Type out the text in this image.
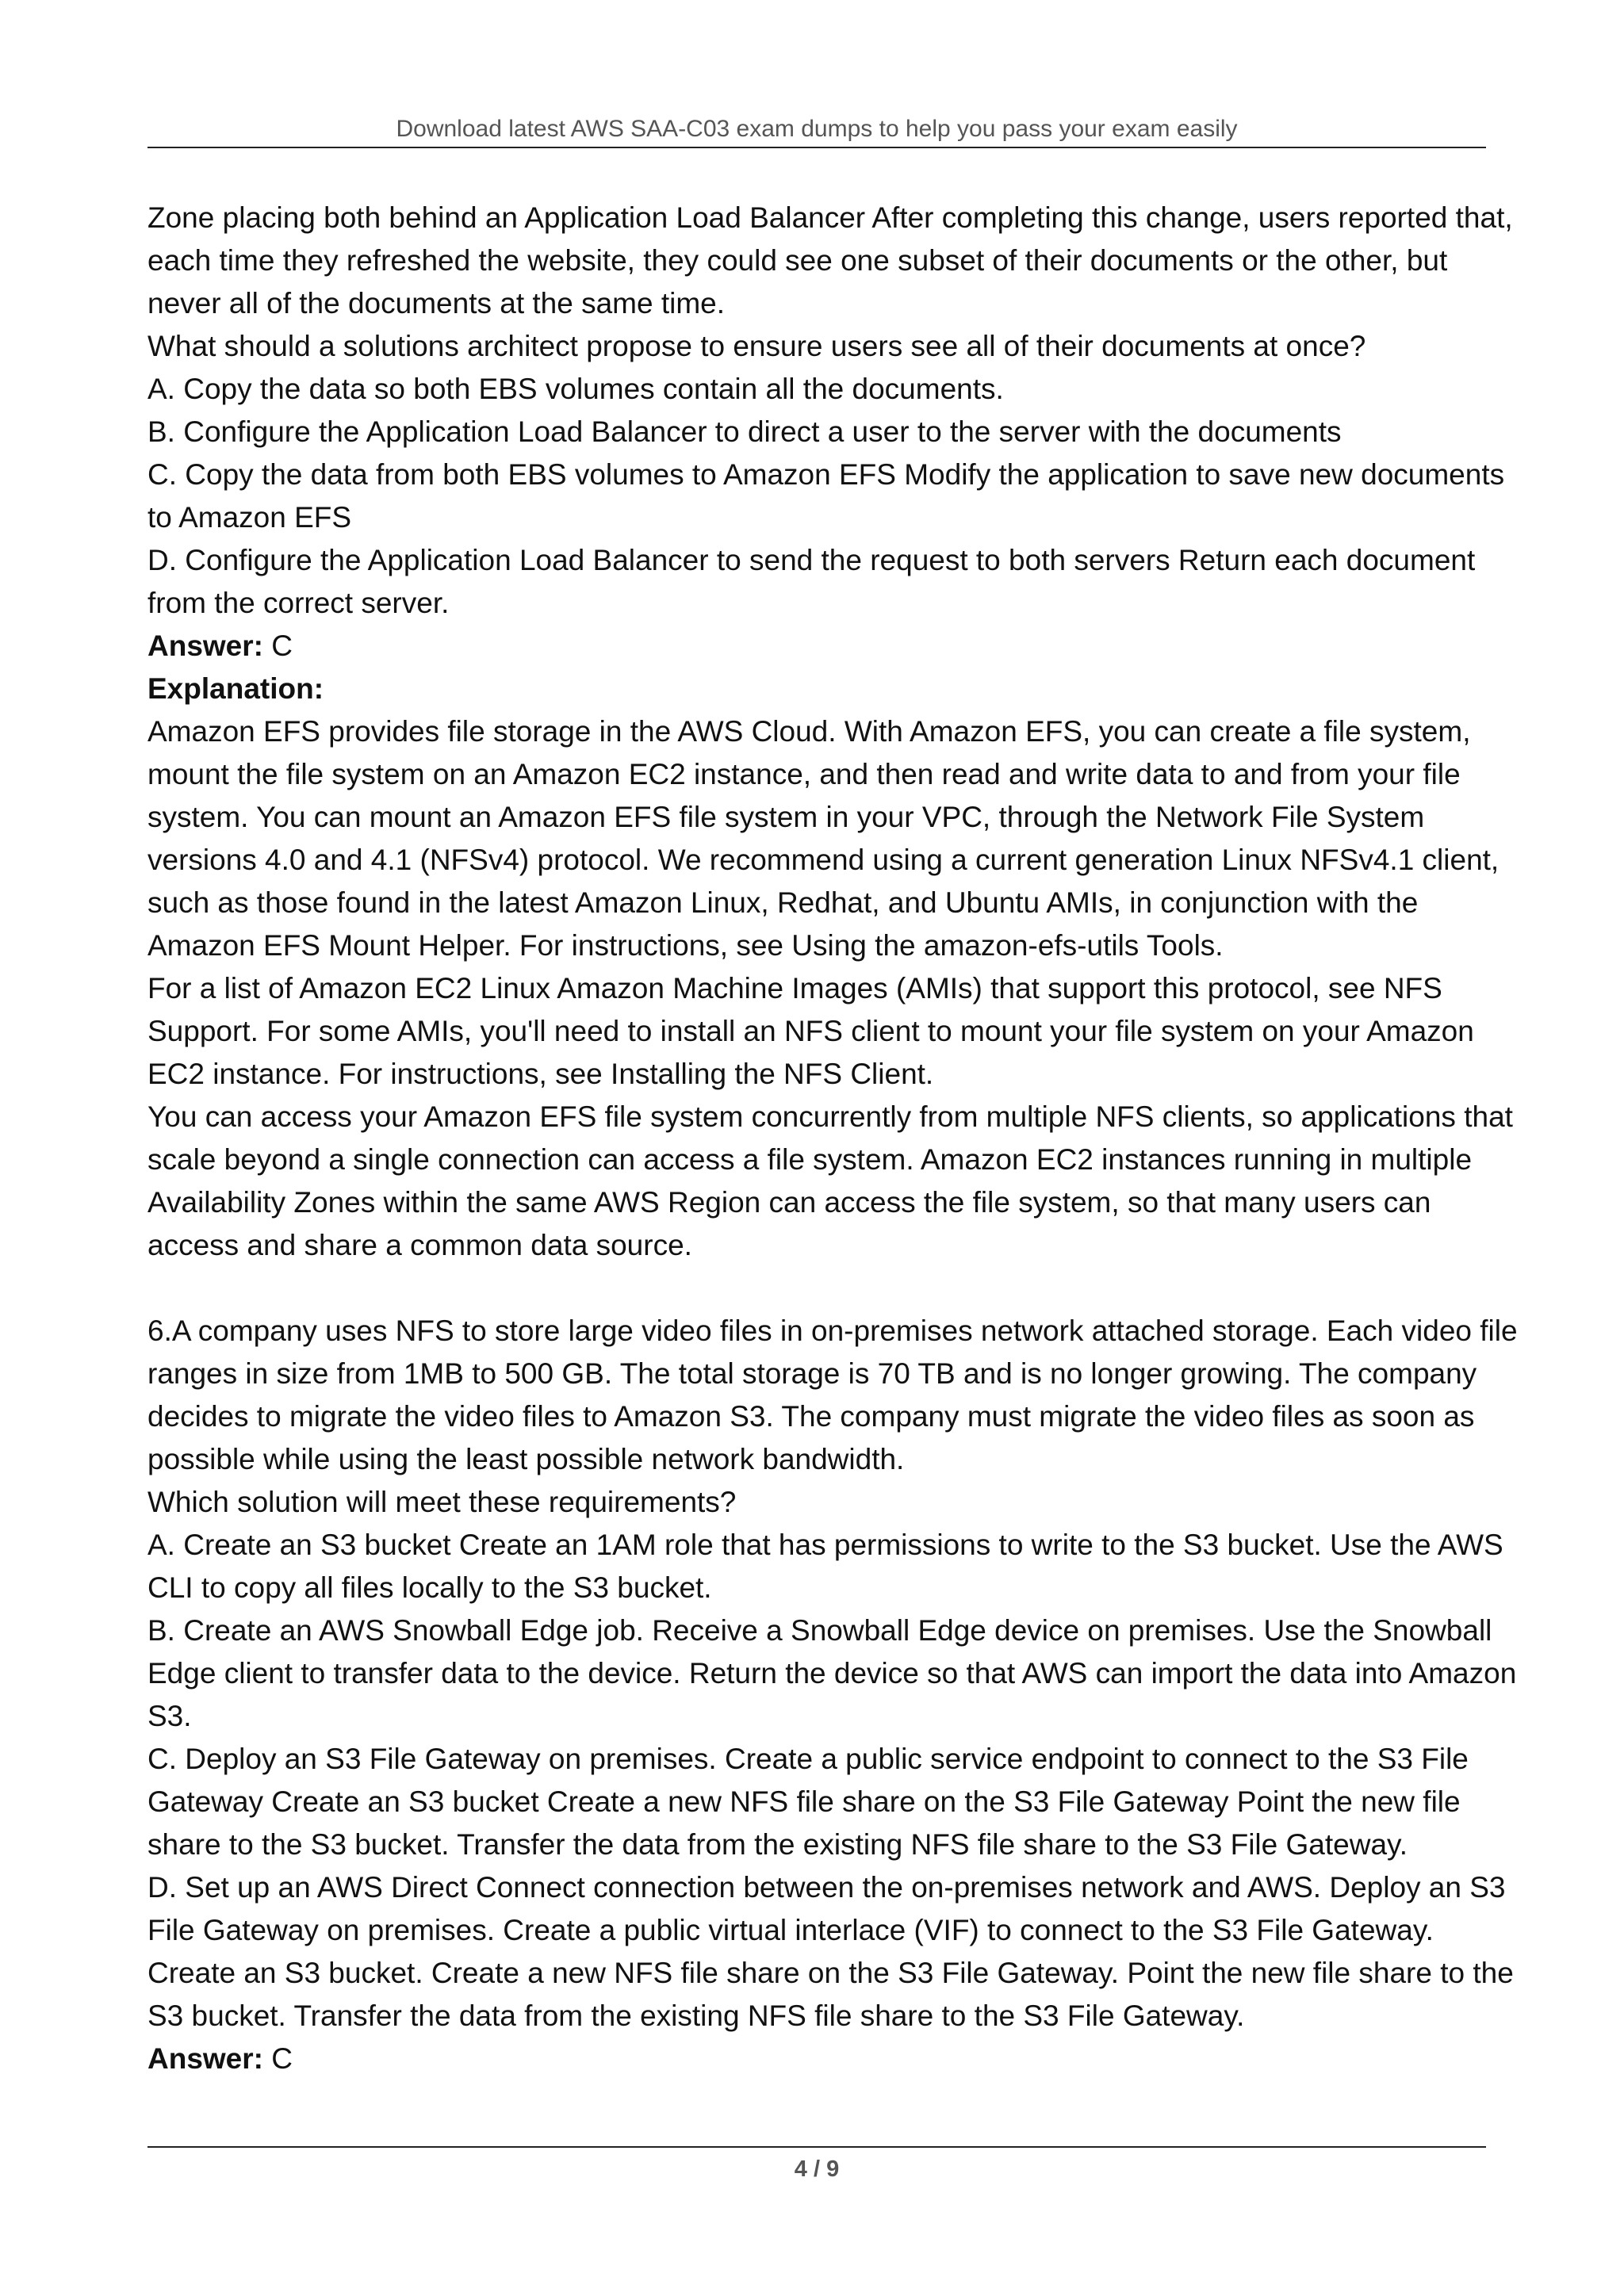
Download latest AWS SAA-C03 exam dumps to help you pass your exam easily
Zone placing both behind an Application Load Balancer After completing this change, users reported that,
each time they refreshed the website, they could see one subset of their documents or the other, but
never all of the documents at the same time.
What should a solutions architect propose to ensure users see all of their documents at once?
A. Copy the data so both EBS volumes contain all the documents.
B. Configure the Application Load Balancer to direct a user to the server with the documents
C. Copy the data from both EBS volumes to Amazon EFS Modify the application to save new documents
to Amazon EFS
D. Configure the Application Load Balancer to send the request to both servers Return each document
from the correct server.
Answer: C
Explanation:
Amazon EFS provides file storage in the AWS Cloud. With Amazon EFS, you can create a file system,
mount the file system on an Amazon EC2 instance, and then read and write data to and from your file
system. You can mount an Amazon EFS file system in your VPC, through the Network File System
versions 4.0 and 4.1 (NFSv4) protocol. We recommend using a current generation Linux NFSv4.1 client,
such as those found in the latest Amazon Linux, Redhat, and Ubuntu AMIs, in conjunction with the
Amazon EFS Mount Helper. For instructions, see Using the amazon-efs-utils Tools.
For a list of Amazon EC2 Linux Amazon Machine Images (AMIs) that support this protocol, see NFS
Support. For some AMIs, you'll need to install an NFS client to mount your file system on your Amazon
EC2 instance. For instructions, see Installing the NFS Client.
You can access your Amazon EFS file system concurrently from multiple NFS clients, so applications that
scale beyond a single connection can access a file system. Amazon EC2 instances running in multiple
Availability Zones within the same AWS Region can access the file system, so that many users can
access and share a common data source.
6.A company uses NFS to store large video files in on-premises network attached storage. Each video file
ranges in size from 1MB to 500 GB. The total storage is 70 TB and is no longer growing. The company
decides to migrate the video files to Amazon S3. The company must migrate the video files as soon as
possible while using the least possible network bandwidth.
Which solution will meet these requirements?
A. Create an S3 bucket Create an 1AM role that has permissions to write to the S3 bucket. Use the AWS
CLI to copy all files locally to the S3 bucket.
B. Create an AWS Snowball Edge job. Receive a Snowball Edge device on premises. Use the Snowball
Edge client to transfer data to the device. Return the device so that AWS can import the data into Amazon
S3.
C. Deploy an S3 File Gateway on premises. Create a public service endpoint to connect to the S3 File
Gateway Create an S3 bucket Create a new NFS file share on the S3 File Gateway Point the new file
share to the S3 bucket. Transfer the data from the existing NFS file share to the S3 File Gateway.
D. Set up an AWS Direct Connect connection between the on-premises network and AWS. Deploy an S3
File Gateway on premises. Create a public virtual interlace (VIF) to connect to the S3 File Gateway.
Create an S3 bucket. Create a new NFS file share on the S3 File Gateway. Point the new file share to the
S3 bucket. Transfer the data from the existing NFS file share to the S3 File Gateway.
Answer: C
4 / 9
